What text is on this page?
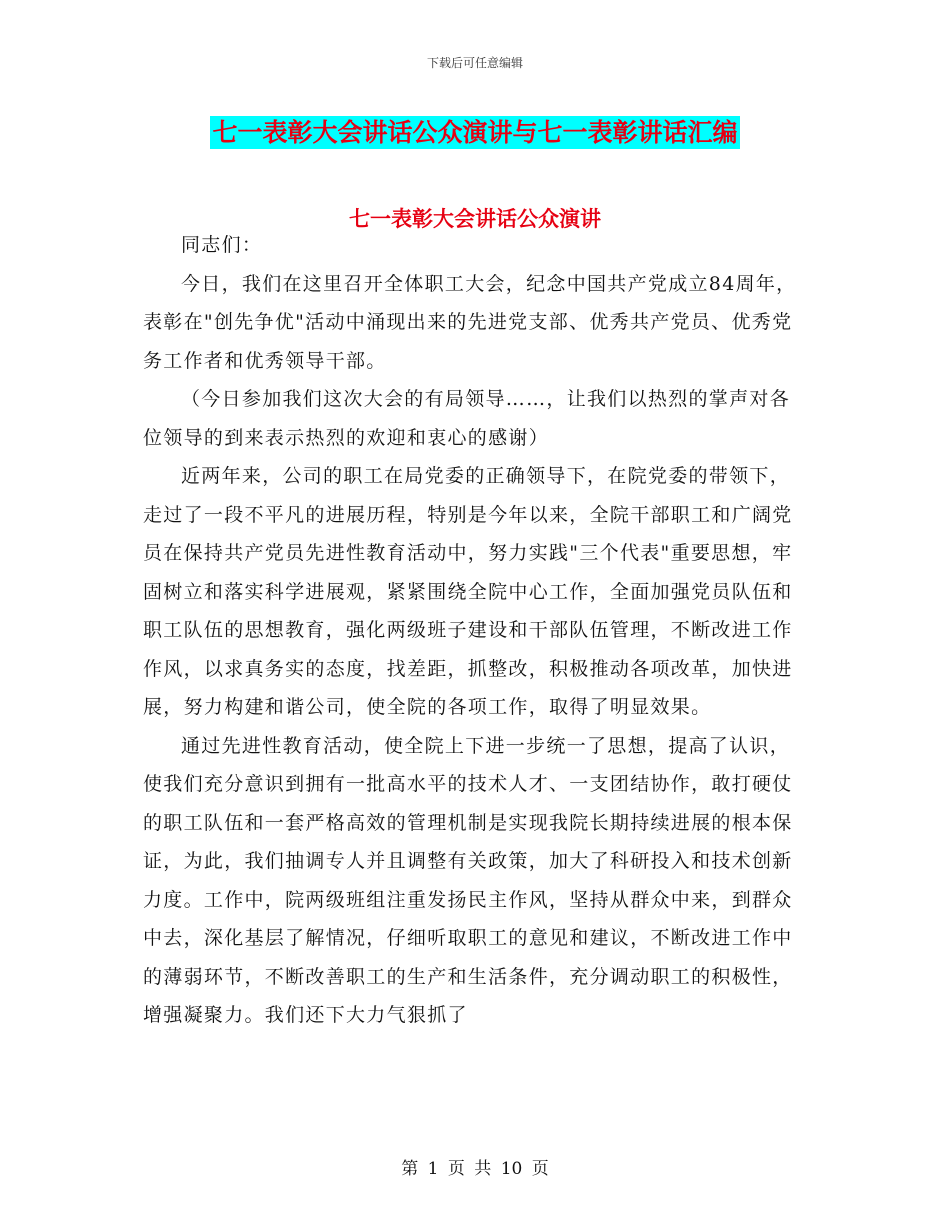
下载后可任意编辑
七一表彰大会讲话公众演讲与七一表彰讲话汇编
七一表彰大会讲话公众演讲

同志们：

今日，我们在这里召开全体职工大会，纪念中国共产党成立84周年，表彰在"创先争优"活动中涌现出来的先进党支部、优秀共产党员、优秀党务工作者和优秀领导干部。

（今日参加我们这次大会的有局领导……，让我们以热烈的掌声对各位领导的到来表示热烈的欢迎和衷心的感谢）

近两年来，公司的职工在局党委的正确领导下，在院党委的带领下，走过了一段不平凡的进展历程，特别是今年以来，全院干部职工和广阔党员在保持共产党员先进性教育活动中，努力实践"三个代表"重要思想，牢固树立和落实科学进展观，紧紧围绕全院中心工作，全面加强党员队伍和职工队伍的思想教育，强化两级班子建设和干部队伍管理，不断改进工作作风，以求真务实的态度，找差距，抓整改，积极推动各项改革，加快进展，努力构建和谐公司，使全院的各项工作，取得了明显效果。

通过先进性教育活动，使全院上下进一步统一了思想，提高了认识，使我们充分意识到拥有一批高水平的技术人才、一支团结协作，敢打硬仗的职工队伍和一套严格高效的管理机制是实现我院长期持续进展的根本保证，为此，我们抽调专人并且调整有关政策，加大了科研投入和技术创新力度。工作中，院两级班组注重发扬民主作风，坚持从群众中来，到群众中去，深化基层了解情况，仔细听取职工的意见和建议，不断改进工作中的薄弱环节，不断改善职工的生产和生活条件，充分调动职工的积极性，增强凝聚力。我们还下大力气狠抓了

第 1 页 共 10 页
